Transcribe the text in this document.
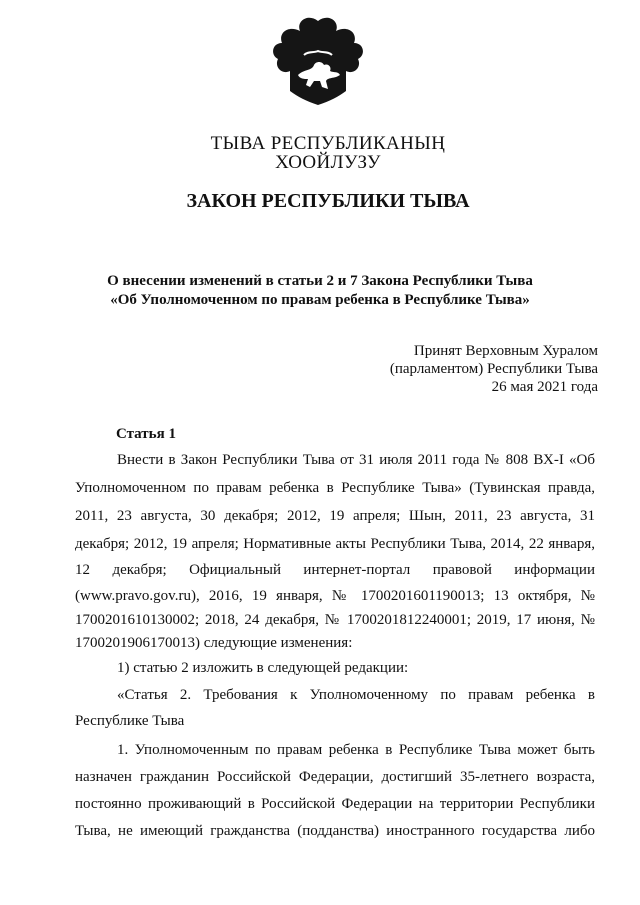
ТЫВА РЕСПУБЛИКАНЫҢ
ХООЙЛУЗУ
ЗАКОН РЕСПУБЛИКИ ТЫВА
О внесении изменений в статьи 2 и 7 Закона Республики Тыва
«Об Уполномоченном по правам ребенка в Республике Тыва»
Принят Верховным Хуралом
(парламентом) Республики Тыва
26 мая 2021 года
Статья 1
Внести в Закон Республики Тыва от 31 июля 2011 года № 808 ВХ-I «Об
Уполномоченном по правам ребенка в Республике Тыва» (Тувинская правда,
2011, 23 августа, 30 декабря; 2012, 19 апреля; Шын, 2011, 23 августа, 31
декабря; 2012, 19 апреля; Нормативные акты Республики Тыва, 2014, 22 января,
12 декабря; Официальный интернет-портал правовой информации
(www.pravo.gov.ru), 2016, 19 января, № 1700201601190013; 13 октября, №
1700201610130002; 2018, 24 декабря, № 1700201812240001; 2019, 17 июня, №
1700201906170013) следующие изменения:
1) статью 2 изложить в следующей редакции:
«Статья 2. Требования к Уполномоченному по правам ребенка в
Республике Тыва
1. Уполномоченным по правам ребенка в Республике Тыва может быть
назначен гражданин Российской Федерации, достигший 35-летнего возраста,
постоянно проживающий в Российской Федерации на территории Республики
Тыва, не имеющий гражданства (подданства) иностранного государства либо
